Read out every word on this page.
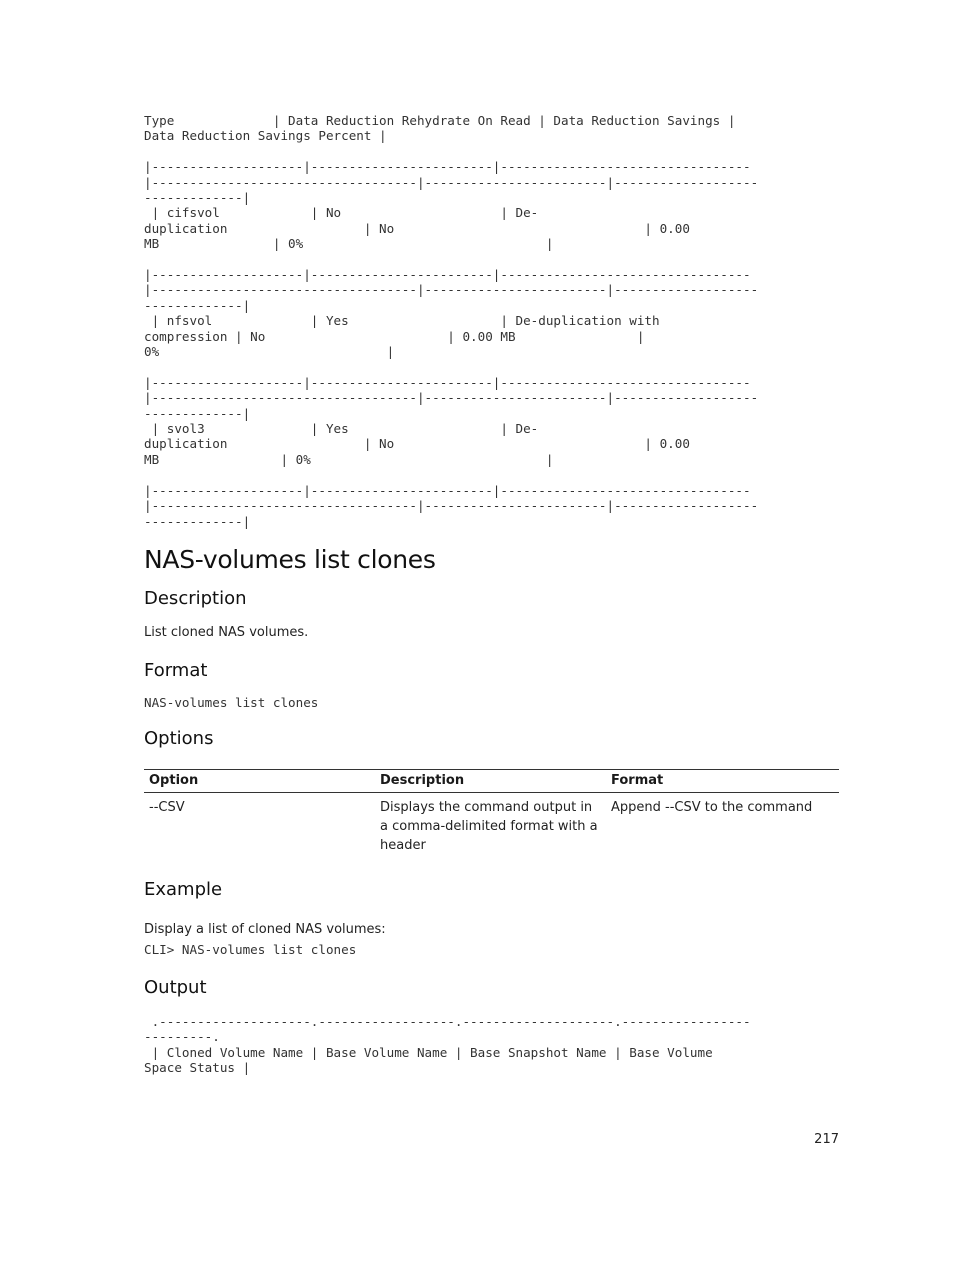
Type             | Data Reduction Rehydrate On Read | Data Reduction Savings |
Data Reduction Savings Percent |
|--------------------|------------------------|---------------------------------
|-----------------------------------|------------------------|-------------------
-------------|
| cifsvol            | No                     | De-
duplication                  | No                                 | 0.00
MB               | 0%                                |
|--------------------|------------------------|---------------------------------
|-----------------------------------|------------------------|-------------------
-------------|
| nfsvol             | Yes                    | De-duplication with
compression | No                        | 0.00 MB                |
0%                              |
|--------------------|------------------------|---------------------------------
|-----------------------------------|------------------------|-------------------
-------------|
| svol3              | Yes                    | De-
duplication                  | No                                 | 0.00
MB                | 0%                               |
|--------------------|------------------------|---------------------------------
|-----------------------------------|------------------------|-------------------
-------------|
NAS-volumes list clones
Description

List cloned NAS volumes.

Format
NAS-volumes list clones
Options
Option	Description	Format
--CSV	Displays the command output in a comma-delimited format with a header	Append --CSV to the command
Example

Display a list of cloned NAS volumes:

CLI> NAS-volumes list clones
Output
.--------------------.------------------.--------------------.-----------------
---------.
| Cloned Volume Name | Base Volume Name | Base Snapshot Name | Base Volume
Space Status |
217
